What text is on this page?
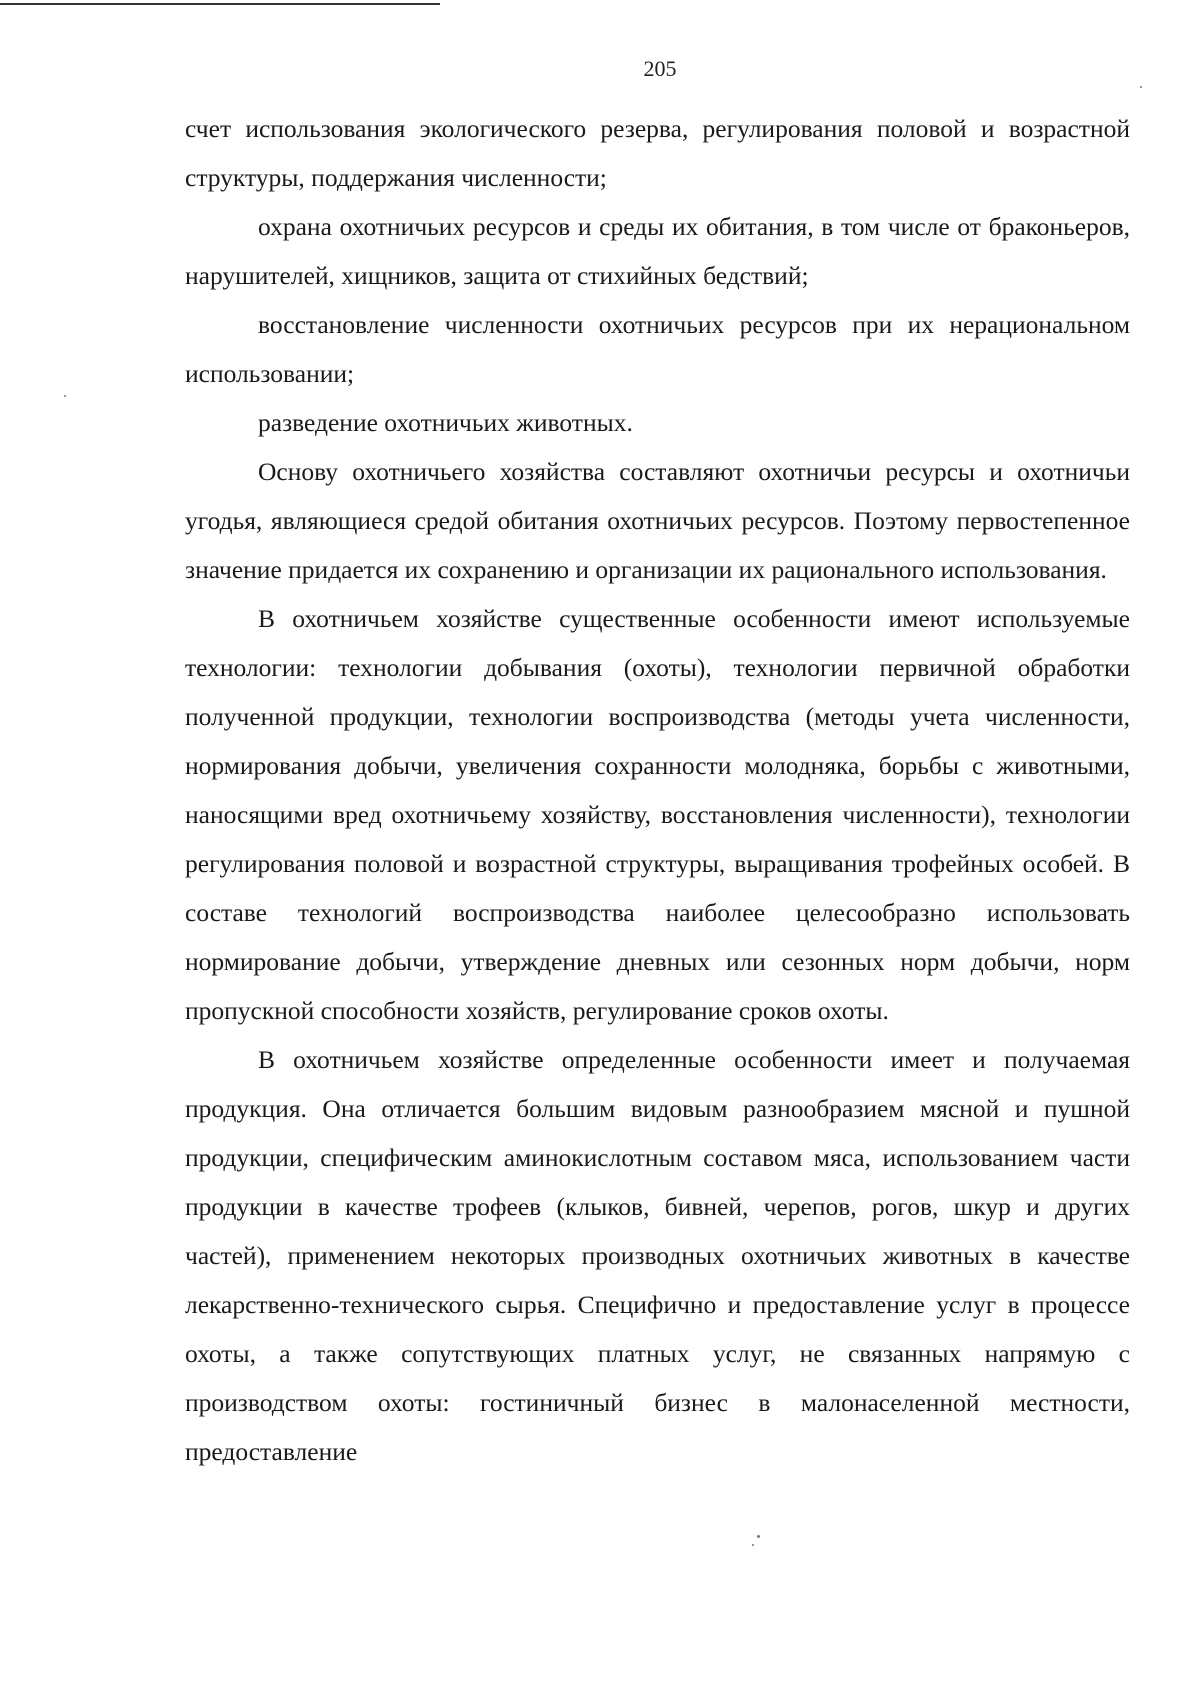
205

счет использования экологического резерва, регулирования половой и возрастной структуры, поддержания численности;

охрана охотничьих ресурсов и среды их обитания, в том числе от браконьеров, нарушителей, хищников, защита от стихийных бедствий;

восстановление численности охотничьих ресурсов при их нерациональном использовании;

разведение охотничьих животных.

Основу охотничьего хозяйства составляют охотничьи ресурсы и охотничьи угодья, являющиеся средой обитания охотничьих ресурсов. Поэтому первостепенное значение придается их сохранению и организации их рационального использования.

В охотничьем хозяйстве существенные особенности имеют используемые технологии: технологии добывания (охоты), технологии первичной обработки полученной продукции, технологии воспроизводства (методы учета численности, нормирования добычи, увеличения сохранности молодняка, борьбы с животными, наносящими вред охотничьему хозяйству, восстановления численности), технологии регулирования половой и возрастной структуры, выращивания трофейных особей. В составе технологий воспроизводства наиболее целесообразно использовать нормирование добычи, утверждение дневных или сезонных норм добычи, норм пропускной способности хозяйств, регулирование сроков охоты.

В охотничьем хозяйстве определенные особенности имеет и получаемая продукция. Она отличается большим видовым разнообразием мясной и пушной продукции, специфическим аминокислотным составом мяса, использованием части продукции в качестве трофеев (клыков, бивней, черепов, рогов, шкур и других частей), применением некоторых производных охотничьих животных в качестве лекарственно-технического сырья. Специфично и предоставление услуг в процессе охоты, а также сопутствующих платных услуг, не связанных напрямую с производством охоты: гостиничный бизнес в малонаселенной местности, предоставление
